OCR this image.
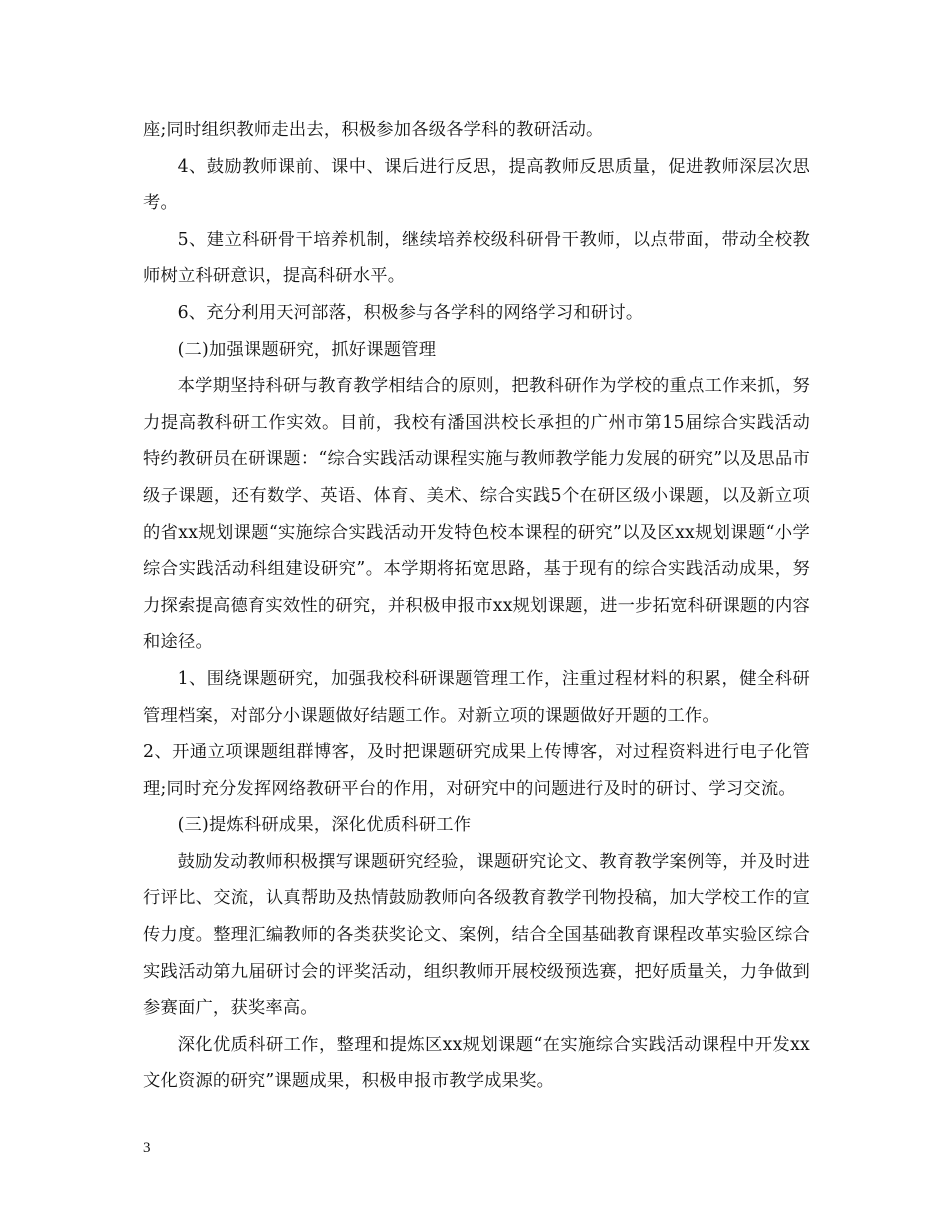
座;同时组织教师走出去，积极参加各级各学科的教研活动。

4、鼓励教师课前、课中、课后进行反思，提高教师反思质量，促进教师深层次思考。

5、建立科研骨干培养机制，继续培养校级科研骨干教师，以点带面，带动全校教师树立科研意识，提高科研水平。

6、充分利用天河部落，积极参与各学科的网络学习和研讨。

(二)加强课题研究，抓好课题管理

本学期坚持科研与教育教学相结合的原则，把教科研作为学校的重点工作来抓，努力提高教科研工作实效。目前，我校有潘国洪校长承担的广州市第15届综合实践活动特约教研员在研课题：“综合实践活动课程实施与教师教学能力发展的研究”以及思品市级子课题，还有数学、英语、体育、美术、综合实践5个在研区级小课题，以及新立项的省xx规划课题“实施综合实践活动开发特色校本课程的研究”以及区xx规划课题“小学综合实践活动科组建设研究”。本学期将拓宽思路，基于现有的综合实践活动成果，努力探索提高德育实效性的研究，并积极申报市xx规划课题，进一步拓宽科研课题的内容和途径。

1、围绕课题研究，加强我校科研课题管理工作，注重过程材料的积累，健全科研管理档案，对部分小课题做好结题工作。对新立项的课题做好开题的工作。

2、开通立项课题组群博客，及时把课题研究成果上传博客，对过程资料进行电子化管理;同时充分发挥网络教研平台的作用，对研究中的问题进行及时的研讨、学习交流。

(三)提炼科研成果，深化优质科研工作

鼓励发动教师积极撰写课题研究经验，课题研究论文、教育教学案例等，并及时进行评比、交流，认真帮助及热情鼓励教师向各级教育教学刊物投稿，加大学校工作的宣传力度。整理汇编教师的各类获奖论文、案例，结合全国基础教育课程改革实验区综合实践活动第九届研讨会的评奖活动，组织教师开展校级预选赛，把好质量关，力争做到参赛面广，获奖率高。

深化优质科研工作，整理和提炼区xx规划课题“在实施综合实践活动课程中开发xx文化资源的研究”课题成果，积极申报市教学成果奖。

3
